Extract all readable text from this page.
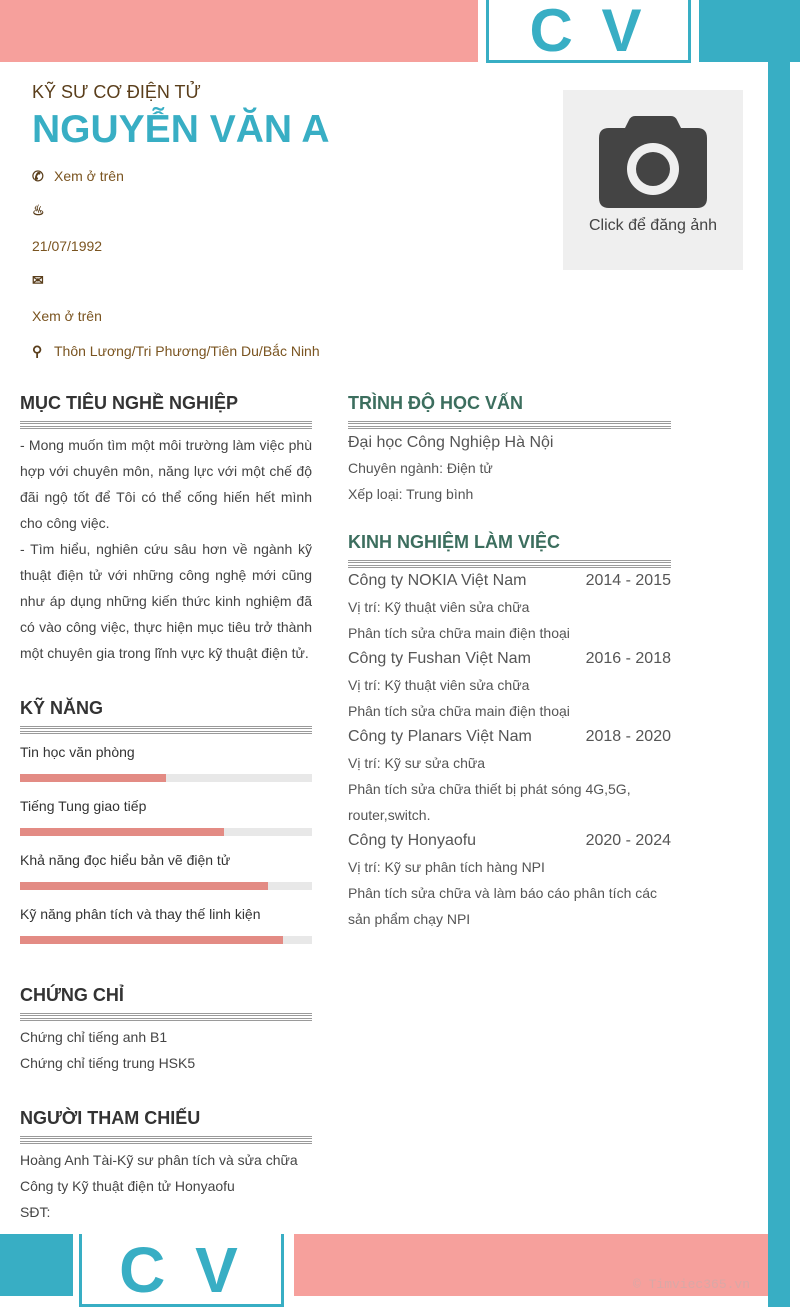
C V
C V	© Timviec365.vn
KỸ SƯ CƠ ĐIỆN TỬ
NGUYỄN VĂN A
✆ Xem ở trên
♨
21/07/1992
✉
Xem ở trên
⚲ Thôn Lương/Tri Phương/Tiên Du/Bắc Ninh
Click để đăng ảnh
MỤC TIÊU NGHỀ NGHIỆP
- Mong muốn tìm một môi trường làm việc phù hợp với chuyên môn, năng lực với một chế độ đãi ngộ tốt để Tôi có thể cống hiến hết mình cho công việc.
- Tìm hiểu, nghiên cứu sâu hơn về ngành kỹ thuật điện tử với những công nghệ mới cũng như áp dụng những kiến thức kinh nghiệm đã có vào công việc, thực hiện mục tiêu trở thành một chuyên gia trong lĩnh vực kỹ thuật điện tử.
KỸ NĂNG
Tin học văn phòng
Tiếng Tung giao tiếp
Khả năng đọc hiểu bản vẽ điện tử
Kỹ năng phân tích và thay thế linh kiện
CHỨNG CHỈ
Chứng chỉ tiếng anh B1
Chứng chỉ tiếng trung HSK5
NGƯỜI THAM CHIẾU
Hoàng Anh Tài-Kỹ sư phân tích và sửa chữa
Công ty Kỹ thuật điện tử Honyaofu
SĐT:
TRÌNH ĐỘ HỌC VẤN
Đại học Công Nghiệp Hà Nội
Chuyên ngành: Điện tử
Xếp loại: Trung bình
KINH NGHIỆM LÀM VIỆC
Công ty NOKIA Việt Nam	2014 - 2015
Vị trí: Kỹ thuật viên sửa chữa
Phân tích sửa chữa main điện thoại
Công ty Fushan Việt Nam	2016 - 2018
Vị trí: Kỹ thuật viên sửa chữa
Phân tích sửa chữa main điện thoại
Công ty Planars Việt Nam	2018 - 2020
Vị trí: Kỹ sư sửa chữa
Phân tích sửa chữa thiết bị phát sóng 4G,5G,
router,switch.
Công ty Honyaofu	2020 - 2024
Vị trí: Kỹ sư phân tích hàng NPI
Phân tích sửa chữa và làm báo cáo phân tích các
sản phẩm chạy NPI
